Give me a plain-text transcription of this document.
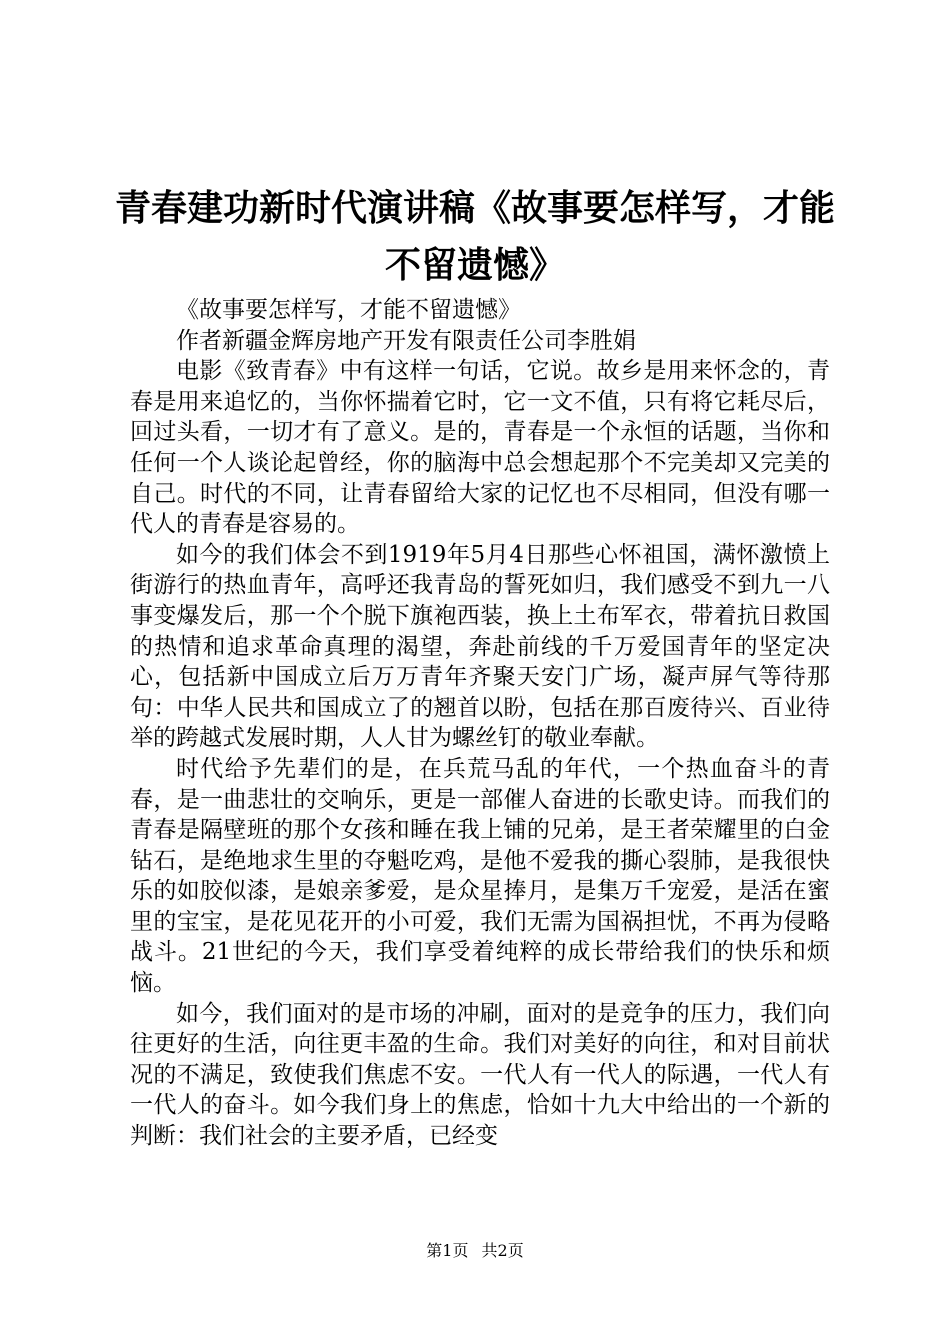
青春建功新时代演讲稿《故事要怎样写，才能不留遗憾》

《故事要怎样写，才能不留遗憾》

作者新疆金辉房地产开发有限责任公司李胜娟

电影《致青春》中有这样一句话，它说。故乡是用来怀念的，青春是用来追忆的，当你怀揣着它时，它一文不值，只有将它耗尽后，回过头看，一切才有了意义。是的，青春是一个永恒的话题，当你和任何一个人谈论起曾经，你的脑海中总会想起那个不完美却又完美的自己。时代的不同，让青春留给大家的记忆也不尽相同，但没有哪一代人的青春是容易的。

如今的我们体会不到1919年5月4日那些心怀祖国，满怀激愤上街游行的热血青年，高呼还我青岛的誓死如归，我们感受不到九一八事变爆发后，那一个个脱下旗袍西装，换上土布军衣，带着抗日救国的热情和追求革命真理的渴望，奔赴前线的千万爱国青年的坚定决心，包括新中国成立后万万青年齐聚天安门广场，凝声屏气等待那句：中华人民共和国成立了的翘首以盼，包括在那百废待兴、百业待举的跨越式发展时期，人人甘为螺丝钉的敬业奉献。

时代给予先辈们的是，在兵荒马乱的年代，一个热血奋斗的青春，是一曲悲壮的交响乐，更是一部催人奋进的长歌史诗。而我们的青春是隔壁班的那个女孩和睡在我上铺的兄弟，是王者荣耀里的白金钻石，是绝地求生里的夺魁吃鸡，是他不爱我的撕心裂肺，是我很快乐的如胶似漆，是娘亲爹爱，是众星捧月，是集万千宠爱，是活在蜜里的宝宝，是花见花开的小可爱，我们无需为国祸担忧，不再为侵略战斗。21世纪的今天，我们享受着纯粹的成长带给我们的快乐和烦恼。

如今，我们面对的是市场的冲刷，面对的是竞争的压力，我们向往更好的生活，向往更丰盈的生命。我们对美好的向往，和对目前状况的不满足，致使我们焦虑不安。一代人有一代人的际遇，一代人有一代人的奋斗。如今我们身上的焦虑，恰如十九大中给出的一个新的判断：我们社会的主要矛盾，已经变

第1页 共2页
